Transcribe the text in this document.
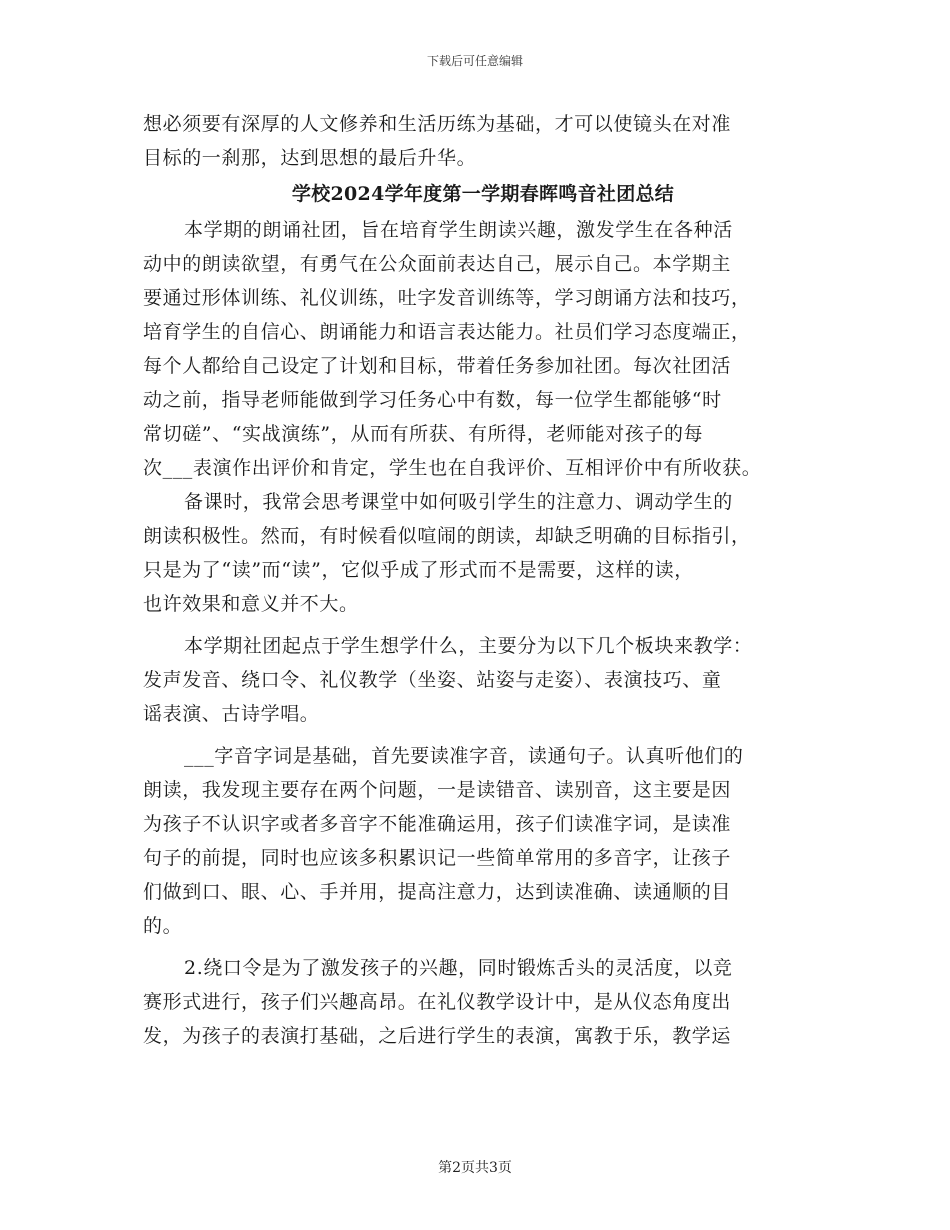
下载后可任意编辑
想必须要有深厚的人文修养和生活历练为基础，才可以使镜头在对准
目标的一刹那，达到思想的最后升华。
学校2024学年度第一学期春晖鸣音社团总结
本学期的朗诵社团，旨在培育学生朗读兴趣，激发学生在各种活
动中的朗读欲望，有勇气在公众面前表达自己，展示自己。本学期主
要通过形体训练、礼仪训练，吐字发音训练等，学习朗诵方法和技巧，
培育学生的自信心、朗诵能力和语言表达能力。社员们学习态度端正，
每个人都给自己设定了计划和目标，带着任务参加社团。每次社团活
动之前，指导老师能做到学习任务心中有数，每一位学生都能够“时
常切磋”、“实战演练”，从而有所获、有所得，老师能对孩子的每
次___表演作出评价和肯定，学生也在自我评价、互相评价中有所收获。
备课时，我常会思考课堂中如何吸引学生的注意力、调动学生的
朗读积极性。然而，有时候看似喧闹的朗读，却缺乏明确的目标指引，
只是为了“读”而“读”，它似乎成了形式而不是需要，这样的读，
也许效果和意义并不大。
本学期社团起点于学生想学什么，主要分为以下几个板块来教学：
发声发音、绕口令、礼仪教学（坐姿、站姿与走姿）、表演技巧、童
谣表演、古诗学唱。
___字音字词是基础，首先要读准字音，读通句子。认真听他们的
朗读，我发现主要存在两个问题，一是读错音、读别音，这主要是因
为孩子不认识字或者多音字不能准确运用，孩子们读准字词，是读准
句子的前提，同时也应该多积累识记一些简单常用的多音字，让孩子
们做到口、眼、心、手并用，提高注意力，达到读准确、读通顺的目
的。
2.绕口令是为了激发孩子的兴趣，同时锻炼舌头的灵活度，以竞
赛形式进行，孩子们兴趣高昂。在礼仪教学设计中，是从仪态角度出
发，为孩子的表演打基础，之后进行学生的表演，寓教于乐，教学运
第2页共3页
